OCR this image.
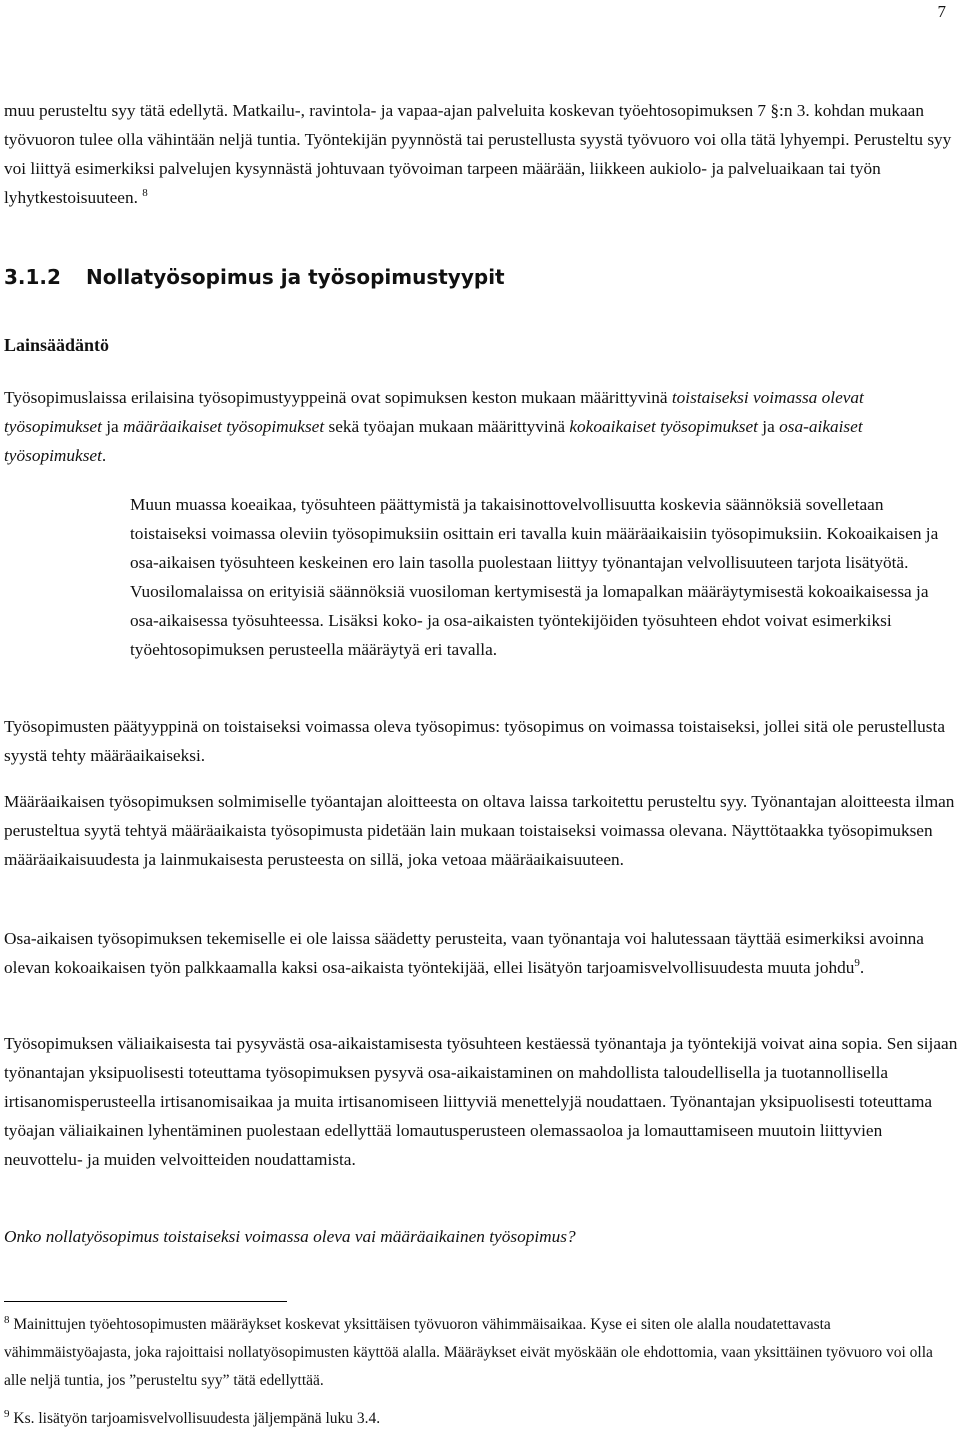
7

muu perusteltu syy tätä edellytä. Matkailu-, ravintola- ja vapaa-ajan palveluita koskevan työehtosopimuksen 7 §:n 3. kohdan mukaan työvuoron tulee olla vähintään neljä tuntia. Työntekijän pyynnöstä tai perustellusta syystä työvuoro voi olla tätä lyhyempi. Perusteltu syy voi liittyä esimerkiksi palvelujen kysynnästä johtuvaan työvoiman tarpeen määrään, liikkeen aukiolo- ja palveluaikaan tai työn lyhytkestoisuuteen. $^8$

3.1.2 Nollatyösopimus ja työsopimustyypit
Lainsäädäntö

Työsopimuslaissa erilaisina työsopimustyyppeinä ovat sopimuksen keston mukaan määrittyvinä toistaiseksi voimassa olevat työsopimukset ja määräaikaiset työsopimukset sekä työajan mukaan määrittyvinä kokoaikaiset työsopimukset ja osa-aikaiset työsopimukset.

Muun muassa koeaikaa, työsuhteen päättymistä ja takaisinottovelvollisuutta koskevia säännöksiä sovelletaan toistaiseksi voimassa oleviin työsopimuksiin osittain eri tavalla kuin määräaikaisiin työsopimuksiin. Kokoaikaisen ja osa-aikaisen työsuhteen keskeinen ero lain tasolla puolestaan liittyy työnantajan velvollisuuteen tarjota lisätyötä. Vuosilomalaissa on erityisiä säännöksiä vuosiloman kertymisestä ja lomapalkan määräytymisestä kokoaikaisessa ja osa-aikaisessa työsuhteessa. Lisäksi koko- ja osa-aikaisten työntekijöiden työsuhteen ehdot voivat esimerkiksi työehtosopimuksen perusteella määräytyä eri tavalla.

Työsopimusten päätyyppinä on toistaiseksi voimassa oleva työsopimus: työsopimus on voimassa toistaiseksi, jollei sitä ole perustellusta syystä tehty määräaikaiseksi.

Määräaikaisen työsopimuksen solmimiselle työantajan aloitteesta on oltava laissa tarkoitettu perusteltu syy. Työnantajan aloitteesta ilman perusteltua syytä tehtyä määräaikaista työsopimusta pidetään lain mukaan toistaiseksi voimassa olevana. Näyttötaakka työsopimuksen määräaikaisuudesta ja lainmukaisesta perusteesta on sillä, joka vetoaa määräaikaisuuteen.

Osa-aikaisen työsopimuksen tekemiselle ei ole laissa säädetty perusteita, vaan työnantaja voi halutessaan täyttää esimerkiksi avoinna olevan kokoaikaisen työn palkkaamalla kaksi osa-aikaista työntekijää, ellei lisätyön tarjoamisvelvollisuudesta muuta johdu$^9$.

Työsopimuksen väliaikaisesta tai pysyvästä osa-aikaistamisesta työsuhteen kestäessä työnantaja ja työntekijä voivat aina sopia. Sen sijaan työnantajan yksipuolisesti toteuttama työsopimuksen pysyvä osa-aikaistaminen on mahdollista taloudellisella ja tuotannollisella irtisanomisperusteella irtisanomisaikaa ja muita irtisanomiseen liittyviä menettelyjä noudattaen. Työnantajan yksipuolisesti toteuttama työajan väliaikainen lyhentäminen puolestaan edellyttää lomautusperusteen olemassaoloa ja lomauttamiseen muutoin liittyvien neuvottelu- ja muiden velvoitteiden noudattamista.

Onko nollatyösopimus toistaiseksi voimassa oleva vai määräaikainen työsopimus?

$^8$ Mainittujen työehtosopimusten määräykset koskevat yksittäisen työvuoron vähimmäisaikaa. Kyse ei siten ole alalla noudatettavasta vähimmäistyöajasta, joka rajoittaisi nollatyösopimusten käyttöä alalla. Määräykset eivät myöskään ole ehdottomia, vaan yksittäinen työvuoro voi olla alle neljä tuntia, jos ”perusteltu syy” tätä edellyttää.

$^9$ Ks. lisätyön tarjoamisvelvollisuudesta jäljempänä luku 3.4.
